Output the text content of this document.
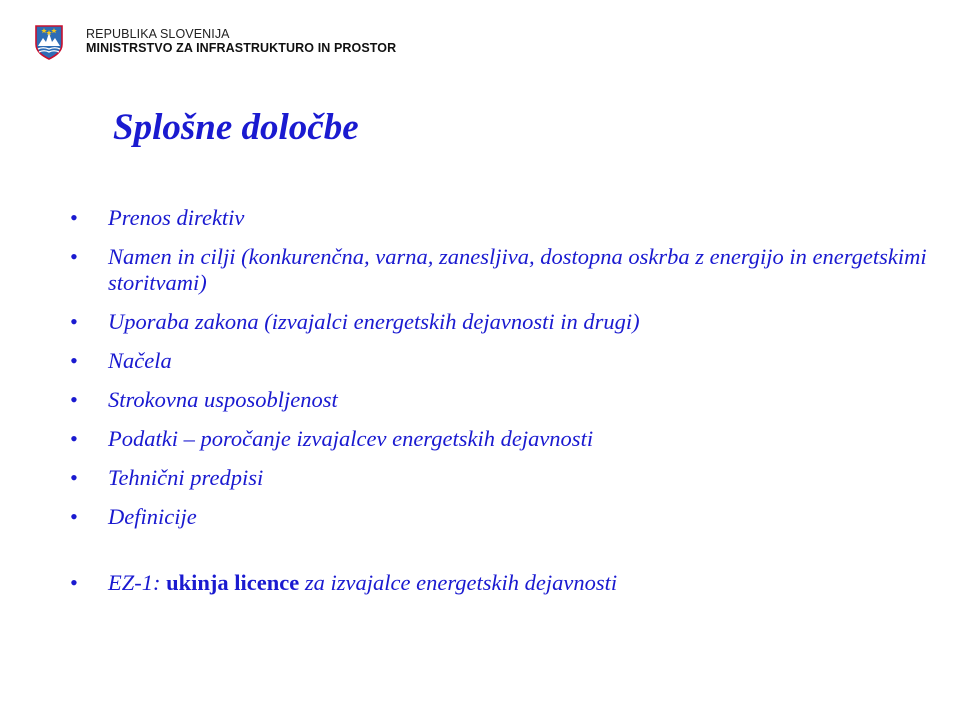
REPUBLIKA SLOVENIJA
MINISTRSTVO ZA INFRASTRUKTURO IN PROSTOR
Splošne določbe
• Prenos direktiv
• Namen in cilji (konkurenčna, varna, zanesljiva, dostopna oskrba z energijo in energetskimi storitvami)
• Uporaba zakona (izvajalci energetskih dejavnosti in drugi)
• Načela
• Strokovna usposobljenost
• Podatki – poročanje izvajalcev energetskih dejavnosti
• Tehnični predpisi
• Definicije
• EZ-1: ukinja licence za izvajalce energetskih dejavnosti
